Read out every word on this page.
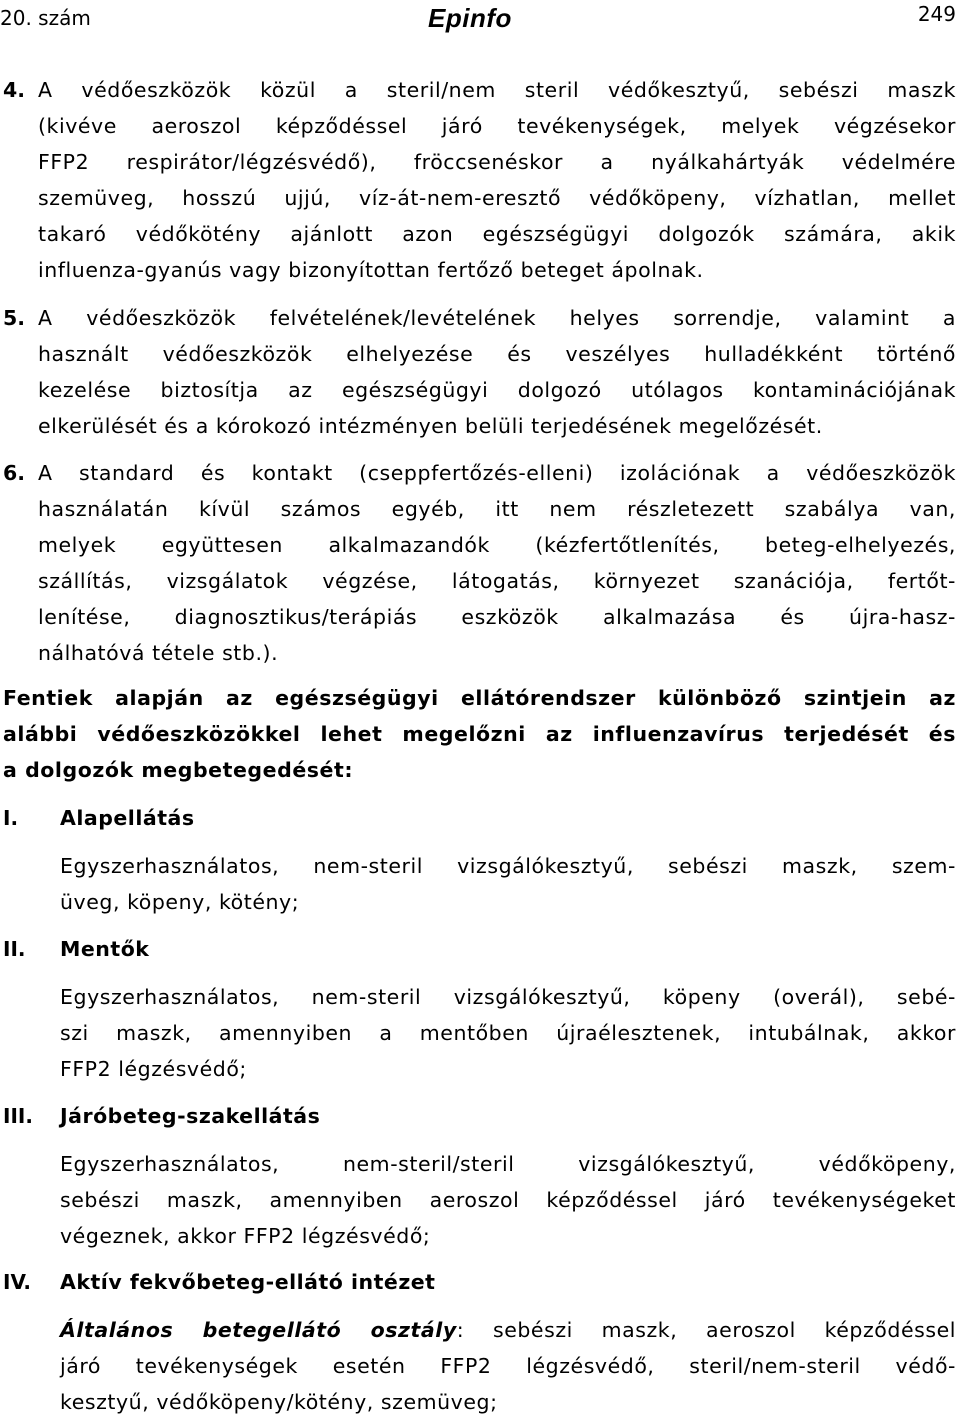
20. szám	Epinfo	249
4. A védőeszközök közül a steril/nem steril védőkesztyű, sebészi maszk
(kivéve aeroszol képződéssel járó tevékenységek, melyek végzésekor
FFP2 respirátor/légzésvédő), fröccsenéskor a nyálkahártyák védelmére
szemüveg, hosszú ujjú, víz-át-nem-eresztő védőköpeny, vízhatlan, mellet
takaró védőkötény ajánlott azon egészségügyi dolgozók számára, akik
influenza-gyanús vagy bizonyítottan fertőző beteget ápolnak.
5. A védőeszközök felvételének/levételének helyes sorrendje, valamint a
használt védőeszközök elhelyezése és veszélyes hulladékként történő
kezelése biztosítja az egészségügyi dolgozó utólagos kontaminációjának
elkerülését és a kórokozó intézményen belüli terjedésének megelőzését.
6. A standard és kontakt (cseppfertőzés-elleni) izolációnak a védőeszközök
használatán kívül számos egyéb, itt nem részletezett szabálya van,
melyek együttesen alkalmazandók (kézfertőtlenítés, beteg-elhelyezés,
szállítás, vizsgálatok végzése, látogatás, környezet szanációja, fertőt-
lenítése, diagnosztikus/terápiás eszközök alkalmazása és újra-hasz-
nálhatóvá tétele stb.).
Fentiek alapján az egészségügyi ellátórendszer különböző szintjein az
alábbi védőeszközökkel lehet megelőzni az influenzavírus terjedését és
a dolgozók megbetegedését:
I. Alapellátás
Egyszerhasználatos, nem-steril vizsgálókesztyű, sebészi maszk, szem-
üveg, köpeny, kötény;
II. Mentők
Egyszerhasználatos, nem-steril vizsgálókesztyű, köpeny (overál), sebé-
szi maszk, amennyiben a mentőben újraélesztenek, intubálnak, akkor
FFP2 légzésvédő;
III. Járóbeteg-szakellátás
Egyszerhasználatos, nem-steril/steril vizsgálókesztyű, védőköpeny,
sebészi maszk, amennyiben aeroszol képződéssel járó tevékenységeket
végeznek, akkor FFP2 légzésvédő;
IV. Aktív fekvőbeteg-ellátó intézet
Általános betegellátó osztály: sebészi maszk, aeroszol képződéssel
járó tevékenységek esetén FFP2 légzésvédő, steril/nem-steril védő-
kesztyű, védőköpeny/kötény, szemüveg;
